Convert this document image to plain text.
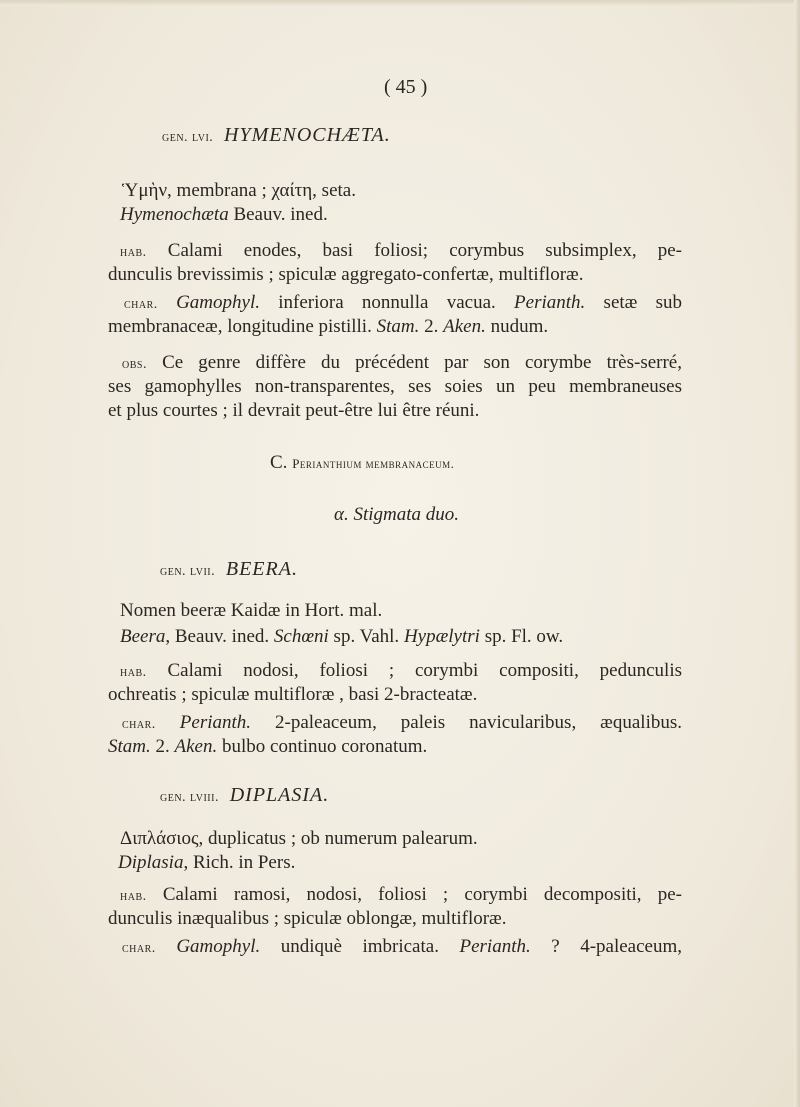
( 45 )
gen. lvi. HYMENOCHÆTA.
Ὑμὴν, membrana ; χαίτη, seta.
Hymenochæta Beauv. ined.
hab. Calami enodes, basi foliosi; corymbus subsimplex, pe-
dunculis brevissimis ; spiculæ aggregato-confertæ, multifloræ.
char. Gamophyl. inferiora nonnulla vacua. Perianth. setæ sub
membranaceæ, longitudine pistilli. Stam. 2. Aken. nudum.
obs. Ce genre diffère du précédent par son corymbe très-serré,
ses gamophylles non-transparentes, ses soies un peu membraneuses
et plus courtes ; il devrait peut-être lui être réuni.
C. Perianthium membranaceum.
α. Stigmata duo.
gen. lvii. BEERA.
Nomen beeræ Kaidæ in Hort. mal.
Beera, Beauv. ined. Schœni sp. Vahl. Hypælytri sp. Fl. ow.
hab. Calami nodosi, foliosi ; corymbi compositi, pedunculis
ochreatis ; spiculæ multifloræ , basi 2-bracteatæ.
char. Perianth. 2-paleaceum, paleis navicularibus, æqualibus.
Stam. 2. Aken. bulbo continuo coronatum.
gen. lviii. DIPLASIA.
Διπλάσιος, duplicatus ; ob numerum palearum.
Diplasia, Rich. in Pers.
hab. Calami ramosi, nodosi, foliosi ; corymbi decompositi, pe-
dunculis inæqualibus ; spiculæ oblongæ, multifloræ.
char. Gamophyl. undiquè imbricata. Perianth. ? 4-paleaceum,
